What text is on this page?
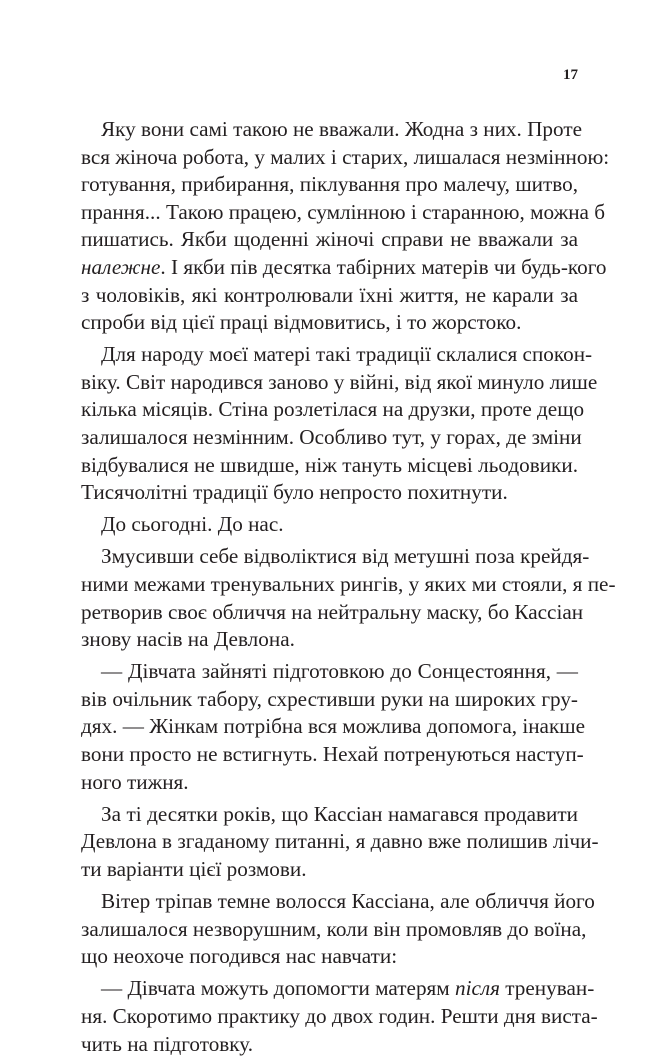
17
Яку вони самі такою не вважали. Жодна з них. Проте
вся жіноча робота, у малих і старих, лишалася незмінною:
готування, прибирання, піклування про малечу, шитво,
прання... Такою працею, сумлінною і старанною, можна б
пишатись. Якби щоденні жіночі справи не вважали за
належне. І якби пів десятка табірних матерів чи будь-кого
з чоловіків, які контролювали їхні життя, не карали за
спроби від цієї праці відмовитись, і то жорстоко.
Для народу моєї матері такі традиції склалися спокон-
віку. Світ народився заново у війні, від якої минуло лише
кілька місяців. Стіна розлетілася на друзки, проте дещо
залишалося незмінним. Особливо тут, у горах, де зміни
відбувалися не швидше, ніж тануть місцеві льодовики.
Тисячолітні традиції було непросто похитнути.
До сьогодні. До нас.
Змусивши себе відволіктися від метушні поза крейдя-
ними межами тренувальних рингів, у яких ми стояли, я пе-
ретворив своє обличчя на нейтральну маску, бо Кассіан
знову насів на Девлона.
— Дівчата зайняті підготовкою до Сонцестояння, —
вів очільник табору, схрестивши руки на широких гру-
дях. — Жінкам потрібна вся можлива допомога, інакше
вони просто не встигнуть. Нехай потренуються наступ-
ного тижня.
За ті десятки років, що Кассіан намагався продавити
Девлона в згаданому питанні, я давно вже полишив лічи-
ти варіанти цієї розмови.
Вітер тріпав темне волосся Кассіана, але обличчя його
залишалося незворушним, коли він промовляв до воїна,
що неохоче погодився нас навчати:
— Дівчата можуть допомогти матерям після тренуван-
ня. Скоротимо практику до двох годин. Решти дня виста-
чить на підготовку.
